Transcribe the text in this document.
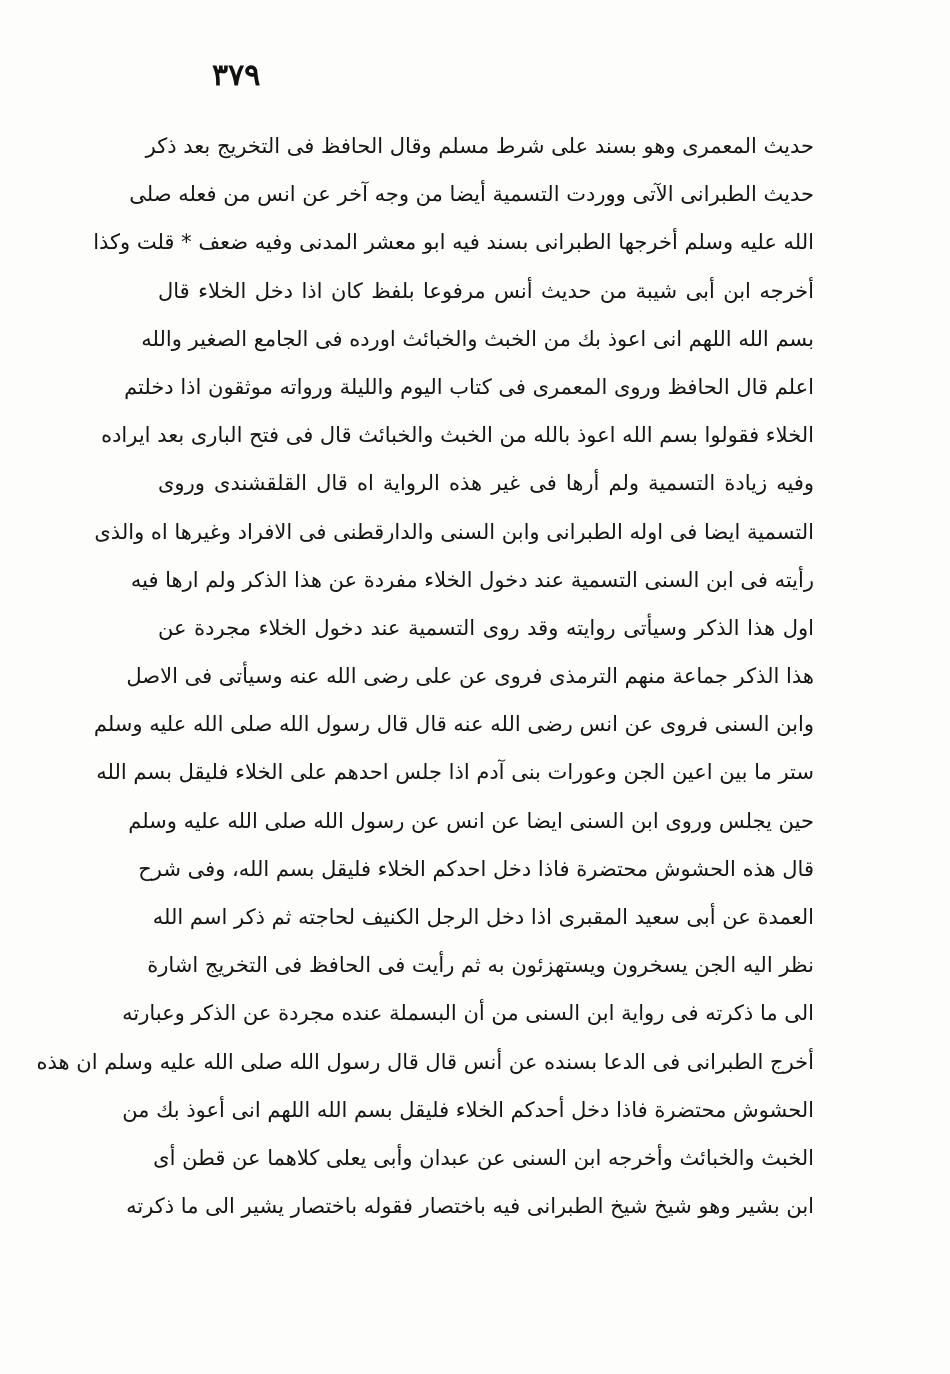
٣٧٩
حديث المعمرى وهو بسند على شرط مسلم وقال الحافظ فى التخريج بعد ذكر
حديث الطبرانى الآتى ووردت التسمية أيضا من وجه آخر عن انس من فعله صلى
الله عليه وسلم أخرجها الطبرانى بسند فيه ابو معشر المدنى وفيه ضعف * قلت وكذا
أخرجه ابن أبى شيبة من حديث أنس مرفوعا بلفظ كان اذا دخل الخلاء قال
بسم الله اللهم انى اعوذ بك من الخبث والخبائث اورده فى الجامع الصغير والله
اعلم قال الحافظ وروى المعمرى فى كتاب اليوم والليلة ورواته موثقون اذا دخلتم
الخلاء فقولوا بسم الله اعوذ بالله من الخبث والخبائث قال فى فتح البارى بعد ايراده
وفيه زيادة التسمية ولم أرها فى غير هذه الرواية اه قال القلقشندى وروى
التسمية ايضا فى اوله الطبرانى وابن السنى والدارقطنى فى الافراد وغيرها اه والذى
رأيته فى ابن السنى التسمية عند دخول الخلاء مفردة عن هذا الذكر ولم ارها فيه
اول هذا الذكر وسيأتى روايته وقد روى التسمية عند دخول الخلاء مجردة عن
هذا الذكر جماعة منهم الترمذى فروى عن على رضى الله عنه وسيأتى فى الاصل
وابن السنى فروى عن انس رضى الله عنه قال قال رسول الله صلى الله عليه وسلم
ستر ما بين اعين الجن وعورات بنى آدم اذا جلس احدهم على الخلاء فليقل بسم الله
حين يجلس وروى ابن السنى ايضا عن انس عن رسول الله صلى الله عليه وسلم
قال هذه الحشوش محتضرة فاذا دخل احدكم الخلاء فليقل بسم الله، وفى شرح
العمدة عن أبى سعيد المقبرى اذا دخل الرجل الكنيف لحاجته ثم ذكر اسم الله
نظر اليه الجن يسخرون ويستهزئون به ثم رأيت فى الحافظ فى التخريج اشارة
الى ما ذكرته فى رواية ابن السنى من أن البسملة عنده مجردة عن الذكر وعبارته
أخرج الطبرانى فى الدعا بسنده عن أنس قال قال رسول الله صلى الله عليه وسلم ان هذه
الحشوش محتضرة فاذا دخل أحدكم الخلاء فليقل بسم الله اللهم انى أعوذ بك من
الخبث والخبائث وأخرجه ابن السنى عن عبدان وأبى يعلى كلاهما عن قطن أى
ابن بشير وهو شيخ شيخ الطبرانى فيه باختصار فقوله باختصار يشير الى ما ذكرته
